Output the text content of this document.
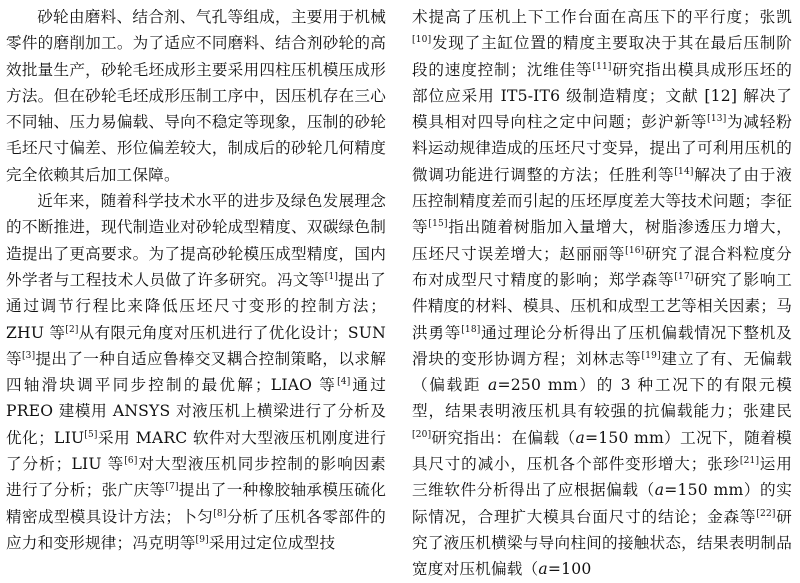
砂轮由磨料、结合剂、气孔等组成，主要用于机械零件的磨削加工。为了适应不同磨料、结合剂砂轮的高效批量生产，砂轮毛坯成形主要采用四柱压机模压成形方法。但在砂轮毛坯成形压制工序中，因压机存在三心不同轴、压力易偏载、导向不稳定等现象，压制的砂轮毛坯尺寸偏差、形位偏差较大，制成后的砂轮几何精度完全依赖其后加工保障。

近年来，随着科学技术水平的进步及绿色发展理念的不断推进，现代制造业对砂轮成型精度、双碳绿色制造提出了更高要求。为了提高砂轮模压成型精度，国内外学者与工程技术人员做了许多研究。冯文等[1]提出了通过调节行程比来降低压坯尺寸变形的控制方法；ZHU 等[2]从有限元角度对压机进行了优化设计；SUN 等[3]提出了一种自适应鲁棒交叉耦合控制策略，以求解四轴滑块调平同步控制的最优解；LIAO 等[4]通过 PREO 建模用 ANSYS 对液压机上横梁进行了分析及优化；LIU[5]采用 MARC 软件对大型液压机刚度进行了分析；LIU 等[6]对大型液压机同步控制的影响因素进行了分析；张广庆等[7]提出了一种橡胶轴承模压硫化精密成型模具设计方法；卜匀[8]分析了压机各零部件的应力和变形规律；冯克明等[9]采用过定位成型技

术提高了压机上下工作台面在高压下的平行度；张凯[10]发现了主缸位置的精度主要取决于其在最后压制阶段的速度控制；沈维佳等[11]研究指出模具成形压坯的部位应采用 IT5-IT6 级制造精度；文献 [12] 解决了模具相对四导向柱之定中问题；彭沪新等[13]为减轻粉料运动规律造成的压坯尺寸变异，提出了可利用压机的微调功能进行调整的方法；任胜利等[14]解决了由于液压控制精度差而引起的压坯厚度差大等技术问题；李征等[15]指出随着树脂加入量增大，树脂渗透压力增大，压坯尺寸误差增大；赵丽丽等[16]研究了混合料粒度分布对成型尺寸精度的影响；郑学森等[17]研究了影响工件精度的材料、模具、压机和成型工艺等相关因素；马洪勇等[18]通过理论分析得出了压机偏载情况下整机及滑块的变形协调方程；刘林志等[19]建立了有、无偏载（偏载距 a=250 mm）的 3 种工况下的有限元模型，结果表明液压机具有较强的抗偏载能力；张建民[20]研究指出：在偏载（a=150 mm）工况下，随着模具尺寸的减小，压机各个部件变形增大；张珍[21]运用三维软件分析得出了应根据偏载（a=150 mm）的实际情况，合理扩大模具台面尺寸的结论；金森等[22]研究了液压机横梁与导向柱间的接触状态，结果表明制品宽度对压机偏载（a=100
